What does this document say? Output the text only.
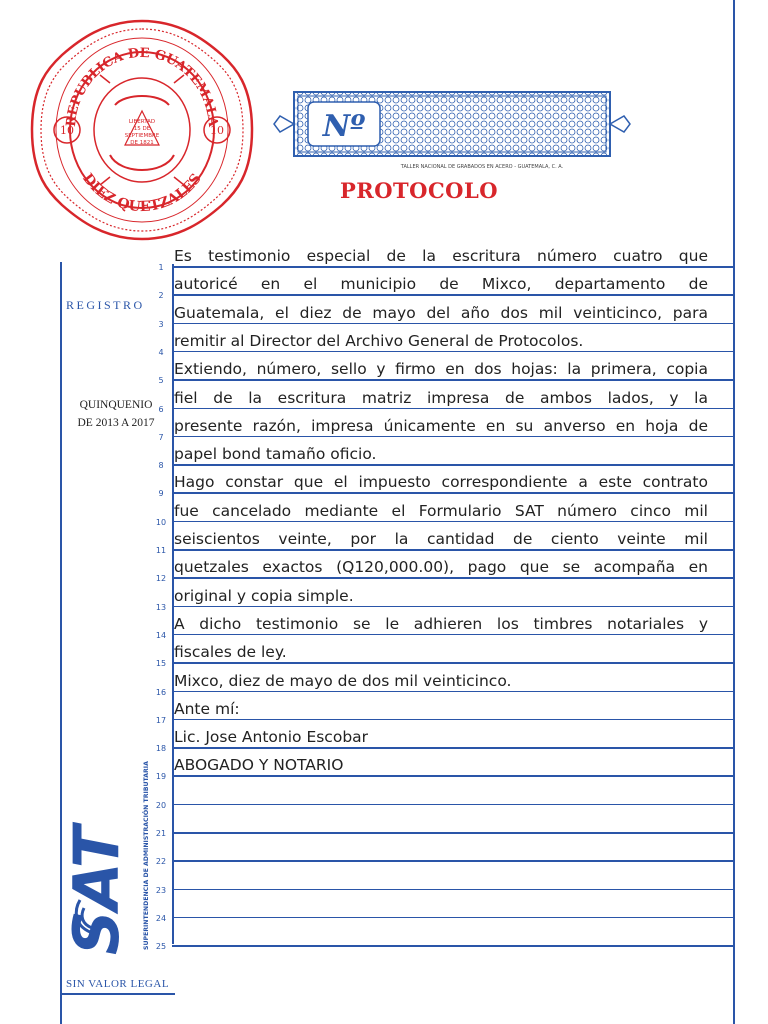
REPUBLICA DE GUATEMALA
DIEZ QUETZALES
10	10
LIBERTAD
15 DE
SEPTIEMBRE
DE 1821	Nº
TALLER NACIONAL DE GRABADOS EN ACERO - GUATEMALA, C. A.
PROTOCOLO
REGISTRO
QUINQUENIO
DE 2013 A 2017
SAT	SUPERINTENDENCIA DE ADMINISTRACIÓN TRIBUTARIA
SIN VALOR LEGAL
1
Es testimonio especial de la escritura número cuatro que
2
autoricé en el municipio de Mixco, departamento de
3
Guatemala, el diez de mayo del año dos mil veinticinco, para
4
remitir al Director del Archivo General de Protocolos.
5
Extiendo, número, sello y firmo en dos hojas: la primera, copia
6
fiel de la escritura matriz impresa de ambos lados, y la
7
presente razón, impresa únicamente en su anverso en hoja de
8
papel bond tamaño oficio.
9
Hago constar que el impuesto correspondiente a este contrato
10
fue cancelado mediante el Formulario SAT número cinco mil
11
seiscientos veinte, por la cantidad de ciento veinte mil
12
quetzales exactos (Q120,000.00), pago que se acompaña en
13
original y copia simple.
14
A dicho testimonio se le adhieren los timbres notariales y
15
fiscales de ley.
16
Mixco, diez de mayo de dos mil veinticinco.
17
Ante mí:
18
Lic. Jose Antonio Escobar
19
ABOGADO Y NOTARIO
20
21
22
23
24
25
